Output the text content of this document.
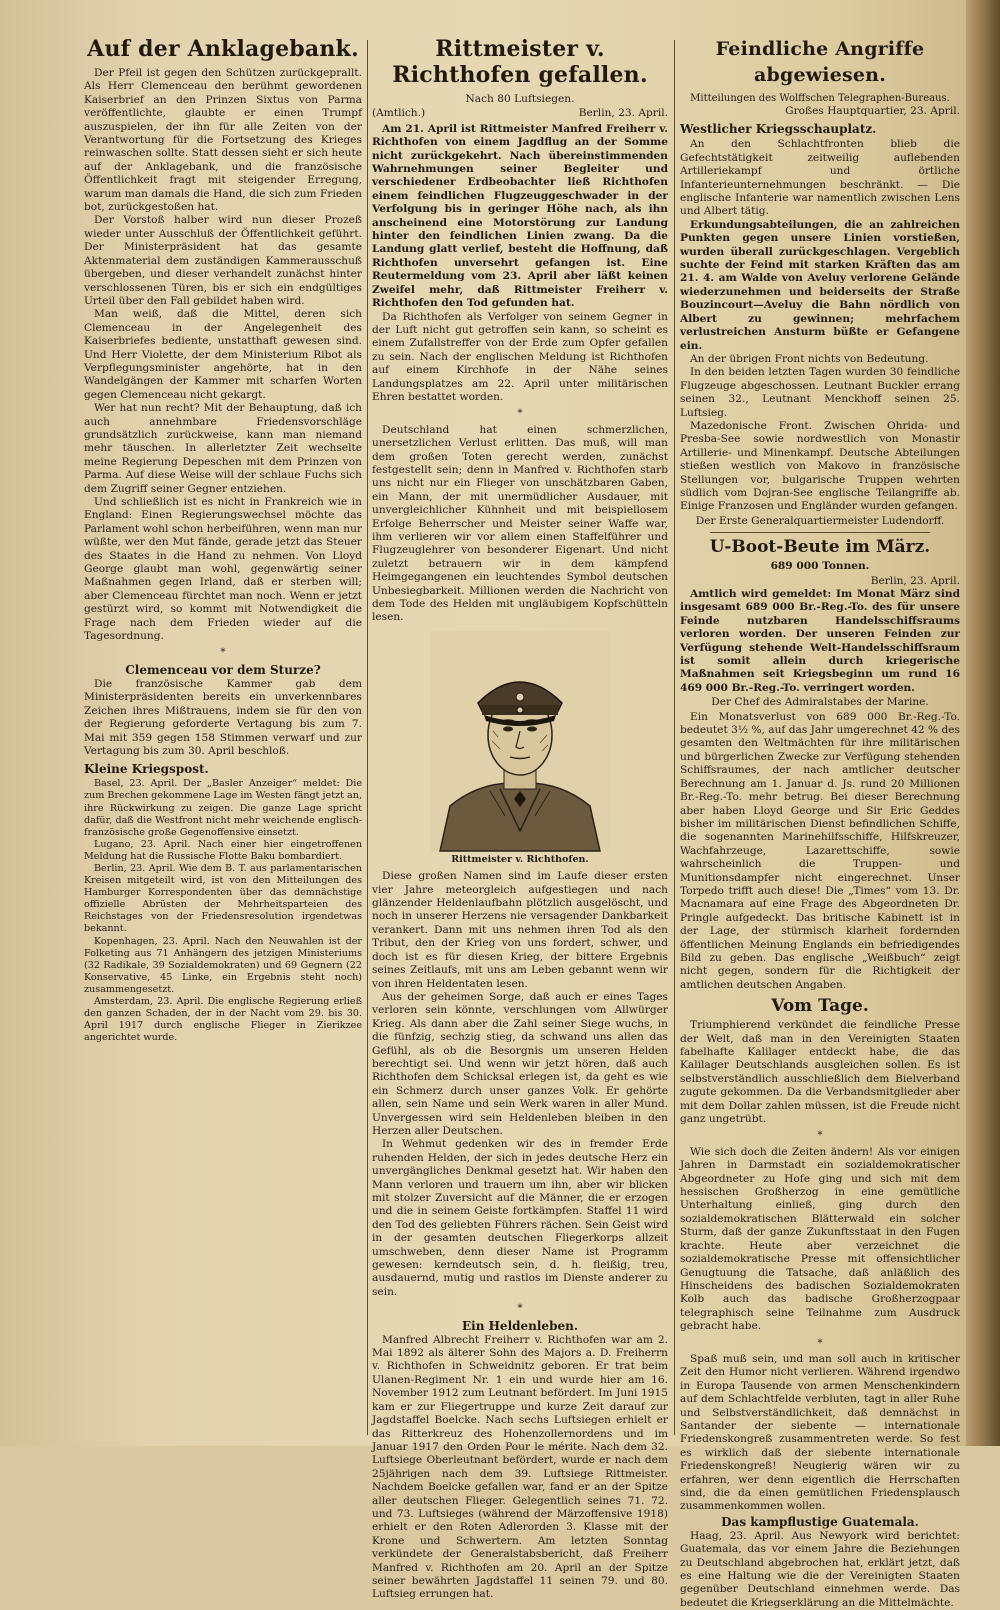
Auf der Anklagebank.

Der Pfeil ist gegen den Schützen zurückgeprallt. Als Herr Clemenceau den berühmt gewordenen Kaiserbrief an den Prinzen Sixtus von Parma veröffentlichte, glaubte er einen Trumpf auszuspielen, der ihn für alle Zeiten von der Verantwortung für die Fortsetzung des Krieges reinwaschen sollte. Statt dessen sieht er sich heute auf der Anklagebank, und die französische Öffentlichkeit fragt mit steigender Erregung, warum man damals die Hand, die sich zum Frieden bot, zurückgestoßen hat.

Der Vorstoß halber wird nun dieser Prozeß wieder unter Ausschluß der Öffentlichkeit geführt. Der Ministerpräsident hat das gesamte Aktenmaterial dem zuständigen Kammerausschuß übergeben, und dieser verhandelt zunächst hinter verschlossenen Türen, bis er sich ein endgültiges Urteil über den Fall gebildet haben wird.

Man weiß, daß die Mittel, deren sich Clemenceau in der Angelegenheit des Kaiserbriefes bediente, unstatthaft gewesen sind. Und Herr Violette, der dem Ministerium Ribot als Verpflegungsminister angehörte, hat in den Wandelgängen der Kammer mit scharfen Worten gegen Clemenceau nicht gekargt.

Wer hat nun recht? Mit der Behauptung, daß ich auch annehmbare Friedensvorschläge grundsätzlich zurückweise, kann man niemand mehr täuschen. In allerletzter Zeit wechselte meine Regierung Depeschen mit dem Prinzen von Parma. Auf diese Weise will der schlaue Fuchs sich dem Zugriff seiner Gegner entziehen.

Und schließlich ist es nicht in Frankreich wie in England: Einen Regierungswechsel möchte das Parlament wohl schon herbeiführen, wenn man nur wüßte, wer den Mut fände, gerade jetzt das Steuer des Staates in die Hand zu nehmen. Von Lloyd George glaubt man wohl, gegenwärtig seiner Maßnahmen gegen Irland, daß er sterben will; aber Clemenceau fürchtet man noch. Wenn er jetzt gestürzt wird, so kommt mit Notwendigkeit die Frage nach dem Frieden wieder auf die Tagesordnung.

*
Clemenceau vor dem Sturze?

Die französische Kammer gab dem Ministerpräsidenten bereits ein unverkennbares Zeichen ihres Mißtrauens, indem sie für den von der Regierung geforderte Vertagung bis zum 7. Mai mit 359 gegen 158 Stimmen verwarf und zur Vertagung bis zum 30. April beschloß.

Kleine Kriegspost.

Basel, 23. April. Der „Basler Anzeiger“ meldet: Die zum Brechen gekommene Lage im Westen fängt jetzt an, ihre Rückwirkung zu zeigen. Die ganze Lage spricht dafür, daß die Westfront nicht mehr weichende englisch-französische große Gegenoffensive einsetzt.

Lugano, 23. April. Nach einer hier eingetroffenen Meldung hat die Russische Flotte Baku bombardiert.

Berlin, 23. April. Wie dem B. T. aus parlamentarischen Kreisen mitgeteilt wird, ist von den Mitteilungen des Hamburger Korrespondenten über das demnächstige offizielle Abrüsten der Mehrheitsparteien des Reichstages von der Friedensresolution irgendetwas bekannt.

Kopenhagen, 23. April. Nach den Neuwahlen ist der Folketing aus 71 Anhängern des jetzigen Ministeriums (32 Radikale, 39 Sozialdemokraten) und 69 Gegnern (22 Konservative, 45 Linke, ein Ergebnis steht noch) zusammengesetzt.

Amsterdam, 23. April. Die englische Regierung erließ den ganzen Schaden, der in der Nacht vom 29. bis 30. April 1917 durch englische Flieger in Zierikzee angerichtet wurde.

Rittmeister v. Richthofen gefallen.
Nach 80 Luftsiegen.
(Amtlich.)	Berlin, 23. April.

Am 21. April ist Rittmeister Manfred Freiherr v. Richthofen von einem Jagdflug an der Somme nicht zurückgekehrt. Nach übereinstimmenden Wahrnehmungen seiner Begleiter und verschiedener Erdbeobachter ließ Richthofen einem feindlichen Flugzeuggeschwader in der Verfolgung bis in geringer Höhe nach, als ihn anscheinend eine Motorstörung zur Landung hinter den feindlichen Linien zwang. Da die Landung glatt verlief, besteht die Hoffnung, daß Richthofen unversehrt gefangen ist. Eine Reutermeldung vom 23. April aber läßt keinen Zweifel mehr, daß Rittmeister Freiherr v. Richthofen den Tod gefunden hat.

Da Richthofen als Verfolger von seinem Gegner in der Luft nicht gut getroffen sein kann, so scheint es einem Zufallstreffer von der Erde zum Opfer gefallen zu sein. Nach der englischen Meldung ist Richthofen auf einem Kirchhofe in der Nähe seines Landungsplatzes am 22. April unter militärischen Ehren bestattet worden.

*

Deutschland hat einen schmerzlichen, unersetzlichen Verlust erlitten. Das muß, will man dem großen Toten gerecht werden, zunächst festgestellt sein; denn in Manfred v. Richthofen starb uns nicht nur ein Flieger von unschätzbaren Gaben, ein Mann, der mit unermüdlicher Ausdauer, mit unvergleichlicher Kühnheit und mit beispiellosem Erfolge Beherrscher und Meister seiner Waffe war, ihm verlieren wir vor allem einen Staffelführer und Flugzeuglehrer von besonderer Eigenart. Und nicht zuletzt betrauern wir in dem kämpfend Heimgegangenen ein leuchtendes Symbol deutschen Unbesiegbarkeit. Millionen werden die Nachricht von dem Tode des Helden mit ungläubigem Kopfschütteln lesen.

Rittmeister v. Richthofen.

Diese großen Namen sind im Laufe dieser ersten vier Jahre meteorgleich aufgestiegen und nach glänzender Heldenlaufbahn plötzlich ausgelöscht, und noch in unserer Herzens nie versagender Dankbarkeit verankert. Dann mit uns nehmen ihren Tod als den Tribut, den der Krieg von uns fordert, schwer, und doch ist es für diesen Krieg, der bittere Ergebnis seines Zeitlaufs, mit uns am Leben gebannt wenn wir von ihren Heldentaten lesen.

Aus der geheimen Sorge, daß auch er eines Tages verloren sein könnte, verschlungen vom Allwürger Krieg. Als dann aber die Zahl seiner Siege wuchs, in die fünfzig, sechzig stieg, da schwand uns allen das Gefühl, als ob die Besorgnis um unseren Helden berechtigt sei. Und wenn wir jetzt hören, daß auch Richthofen dem Schicksal erlegen ist, da geht es wie ein Schmerz durch unser ganzes Volk. Er gehörte allen, sein Name und sein Werk waren in aller Mund. Unvergessen wird sein Heldenleben bleiben in den Herzen aller Deutschen.

In Wehmut gedenken wir des in fremder Erde ruhenden Helden, der sich in jedes deutsche Herz ein unvergängliches Denkmal gesetzt hat. Wir haben den Mann verloren und trauern um ihn, aber wir blicken mit stolzer Zuversicht auf die Männer, die er erzogen und die in seinem Geiste fortkämpfen. Staffel 11 wird den Tod des geliebten Führers rächen. Sein Geist wird in der gesamten deutschen Fliegerkorps allzeit umschweben, denn dieser Name ist Programm gewesen: kerndeutsch sein, d. h. fleißig, treu, ausdauernd, mutig und rastlos im Dienste anderer zu sein.

*
Ein Heldenleben.

Manfred Albrecht Freiherr v. Richthofen war am 2. Mai 1892 als älterer Sohn des Majors a. D. Freiherrn v. Richthofen in Schweidnitz geboren. Er trat beim Ulanen-Regiment Nr. 1 ein und wurde hier am 16. November 1912 zum Leutnant befördert. Im Juni 1915 kam er zur Fliegertruppe und kurze Zeit darauf zur Jagdstaffel Boelcke. Nach sechs Luftsiegen erhielt er das Ritterkreuz des Hohenzollernordens und im Januar 1917 den Orden Pour le mérite. Nach dem 32. Luftsiege Oberleutnant befördert, wurde er nach dem 25jährigen nach dem 39. Luftsiege Rittmeister. Nachdem Boelcke gefallen war, fand er an der Spitze aller deutschen Flieger. Gelegentlich seines 71. 72. und 73. Luftsieges (während der Märzoffensive 1918) erhielt er den Roten Adlerorden 3. Klasse mit der Krone und Schwertern. Am letzten Sonntag verkündete der Generalstabsbericht, daß Freiherr Manfred v. Richthofen am 20. April an der Spitze seiner bewährten Jagdstaffel 11 seinen 79. und 80. Luftsieg errungen hat.

Feindliche Angriffe abgewiesen.
Mitteilungen des Wolffschen Telegraphen-Bureaus.
Großes Hauptquartier, 23. April.
Westlicher Kriegsschauplatz.

An den Schlachtfronten blieb die Gefechtstätigkeit zeitweilig auflebenden Artilleriekampf und örtliche Infanterieunternehmungen beschränkt. — Die englische Infanterie war namentlich zwischen Lens und Albert tätig.

Erkundungsabteilungen, die an zahlreichen Punkten gegen unsere Linien vorstießen, wurden überall zurückgeschlagen. Vergeblich suchte der Feind mit starken Kräften das am 21. 4. am Walde von Aveluy verlorene Gelände wiederzunehmen und beiderseits der Straße Bouzincourt—Aveluy die Bahn nördlich von Albert zu gewinnen; mehrfachem verlustreichen Ansturm büßte er Gefangene ein.

An der übrigen Front nichts von Bedeutung.

In den beiden letzten Tagen wurden 30 feindliche Flugzeuge abgeschossen. Leutnant Buckler errang seinen 32., Leutnant Menckhoff seinen 25. Luftsieg.

Mazedonische Front. Zwischen Ohrida- und Presba-See sowie nordwestlich von Monastir Artillerie- und Minenkampf. Deutsche Abteilungen stießen westlich von Makovo in französische Stellungen vor, bulgarische Truppen wehrten südlich vom Dojran-See englische Teilangriffe ab. Einige Franzosen und Engländer wurden gefangen.

Der Erste Generalquartiermeister Ludendorff.
U-Boot-Beute im März.
689 000 Tonnen.
Berlin, 23. April.

Amtlich wird gemeldet: Im Monat März sind insgesamt 689 000 Br.-Reg.-To. des für unsere Feinde nutzbaren Handelsschiffsraums verloren worden. Der unseren Feinden zur Verfügung stehende Welt-Handelsschiffsraum ist somit allein durch kriegerische Maßnahmen seit Kriegsbeginn um rund 16 469 000 Br.-Reg.-To. verringert worden.

Der Chef des Admiralstabes der Marine.

Ein Monatsverlust von 689 000 Br.-Reg.-To. bedeutet 3½ %, auf das Jahr umgerechnet 42 % des gesamten den Weltmächten für ihre militärischen und bürgerlichen Zwecke zur Verfügung stehenden Schiffsraumes, der nach amtlicher deutscher Berechnung am 1. Januar d. Js. rund 20 Millionen Br.-Reg.-To. mehr betrug. Bei dieser Berechnung aber haben Lloyd George und Sir Eric Geddes bisher im militärischen Dienst befindlichen Schiffe, die sogenannten Marinehilfsschiffe, Hilfskreuzer, Wachfahrzeuge, Lazarettschiffe, sowie wahrscheinlich die Truppen- und Munitionsdampfer nicht eingerechnet. Unser Torpedo trifft auch diese! Die „Times“ vom 13. Dr. Macnamara auf eine Frage des Abgeordneten Dr. Pringle aufgedeckt. Das britische Kabinett ist in der Lage, der stürmisch klarheit fordernden öffentlichen Meinung Englands ein befriedigendes Bild zu geben. Das englische „Weißbuch“ zeigt nicht gegen, sondern für die Richtigkeit der amtlichen deutschen Angaben.

Vom Tage.

Triumphierend verkündet die feindliche Presse der Welt, daß man in den Vereinigten Staaten fabelhafte Kalilager entdeckt habe, die das Kalilager Deutschlands ausgleichen sollen. Es ist selbstverständlich ausschließlich dem Bielverband zugute gekommen. Da die Verbandsmitglieder aber mit dem Dollar zahlen müssen, ist die Freude nicht ganz ungetrübt.

*

Wie sich doch die Zeiten ändern! Als vor einigen Jahren in Darmstadt ein sozialdemokratischer Abgeordneter zu Hofe ging und sich mit dem hessischen Großherzog in eine gemütliche Unterhaltung einließ, ging durch den sozialdemokratischen Blätterwald ein solcher Sturm, daß der ganze Zukunftsstaat in den Fugen krachte. Heute aber verzeichnet die sozialdemokratische Presse mit offensichtlicher Genugtuung die Tatsache, daß anläßlich des Hinscheidens des badischen Sozialdemokraten Kolb auch das badische Großherzogpaar telegraphisch seine Teilnahme zum Ausdruck gebracht habe.

*

Spaß muß sein, und man soll auch in kritischer Zeit den Humor nicht verlieren. Während irgendwo in Europa Tausende von armen Menschenkindern auf dem Schlachtfelde verbluten, tagt in aller Ruhe und Selbstverständlichkeit, daß demnächst in Santander der siebente — internationale Friedenskongreß zusammentreten werde. So fest es wirklich daß der siebente internationale Friedenskongreß! Neugierig wären wir zu erfahren, wer denn eigentlich die Herrschaften sind, die da einen gemütlichen Friedensplausch zusammenkommen wollen.

Das kampflustige Guatemala.

Haag, 23. April. Aus Newyork wird berichtet: Guatemala, das vor einem Jahre die Beziehungen zu Deutschland abgebrochen hat, erklärt jetzt, daß es eine Haltung wie die der Vereinigten Staaten gegenüber Deutschland einnehmen werde. Das bedeutet die Kriegserklärung an die Mittelmächte.
